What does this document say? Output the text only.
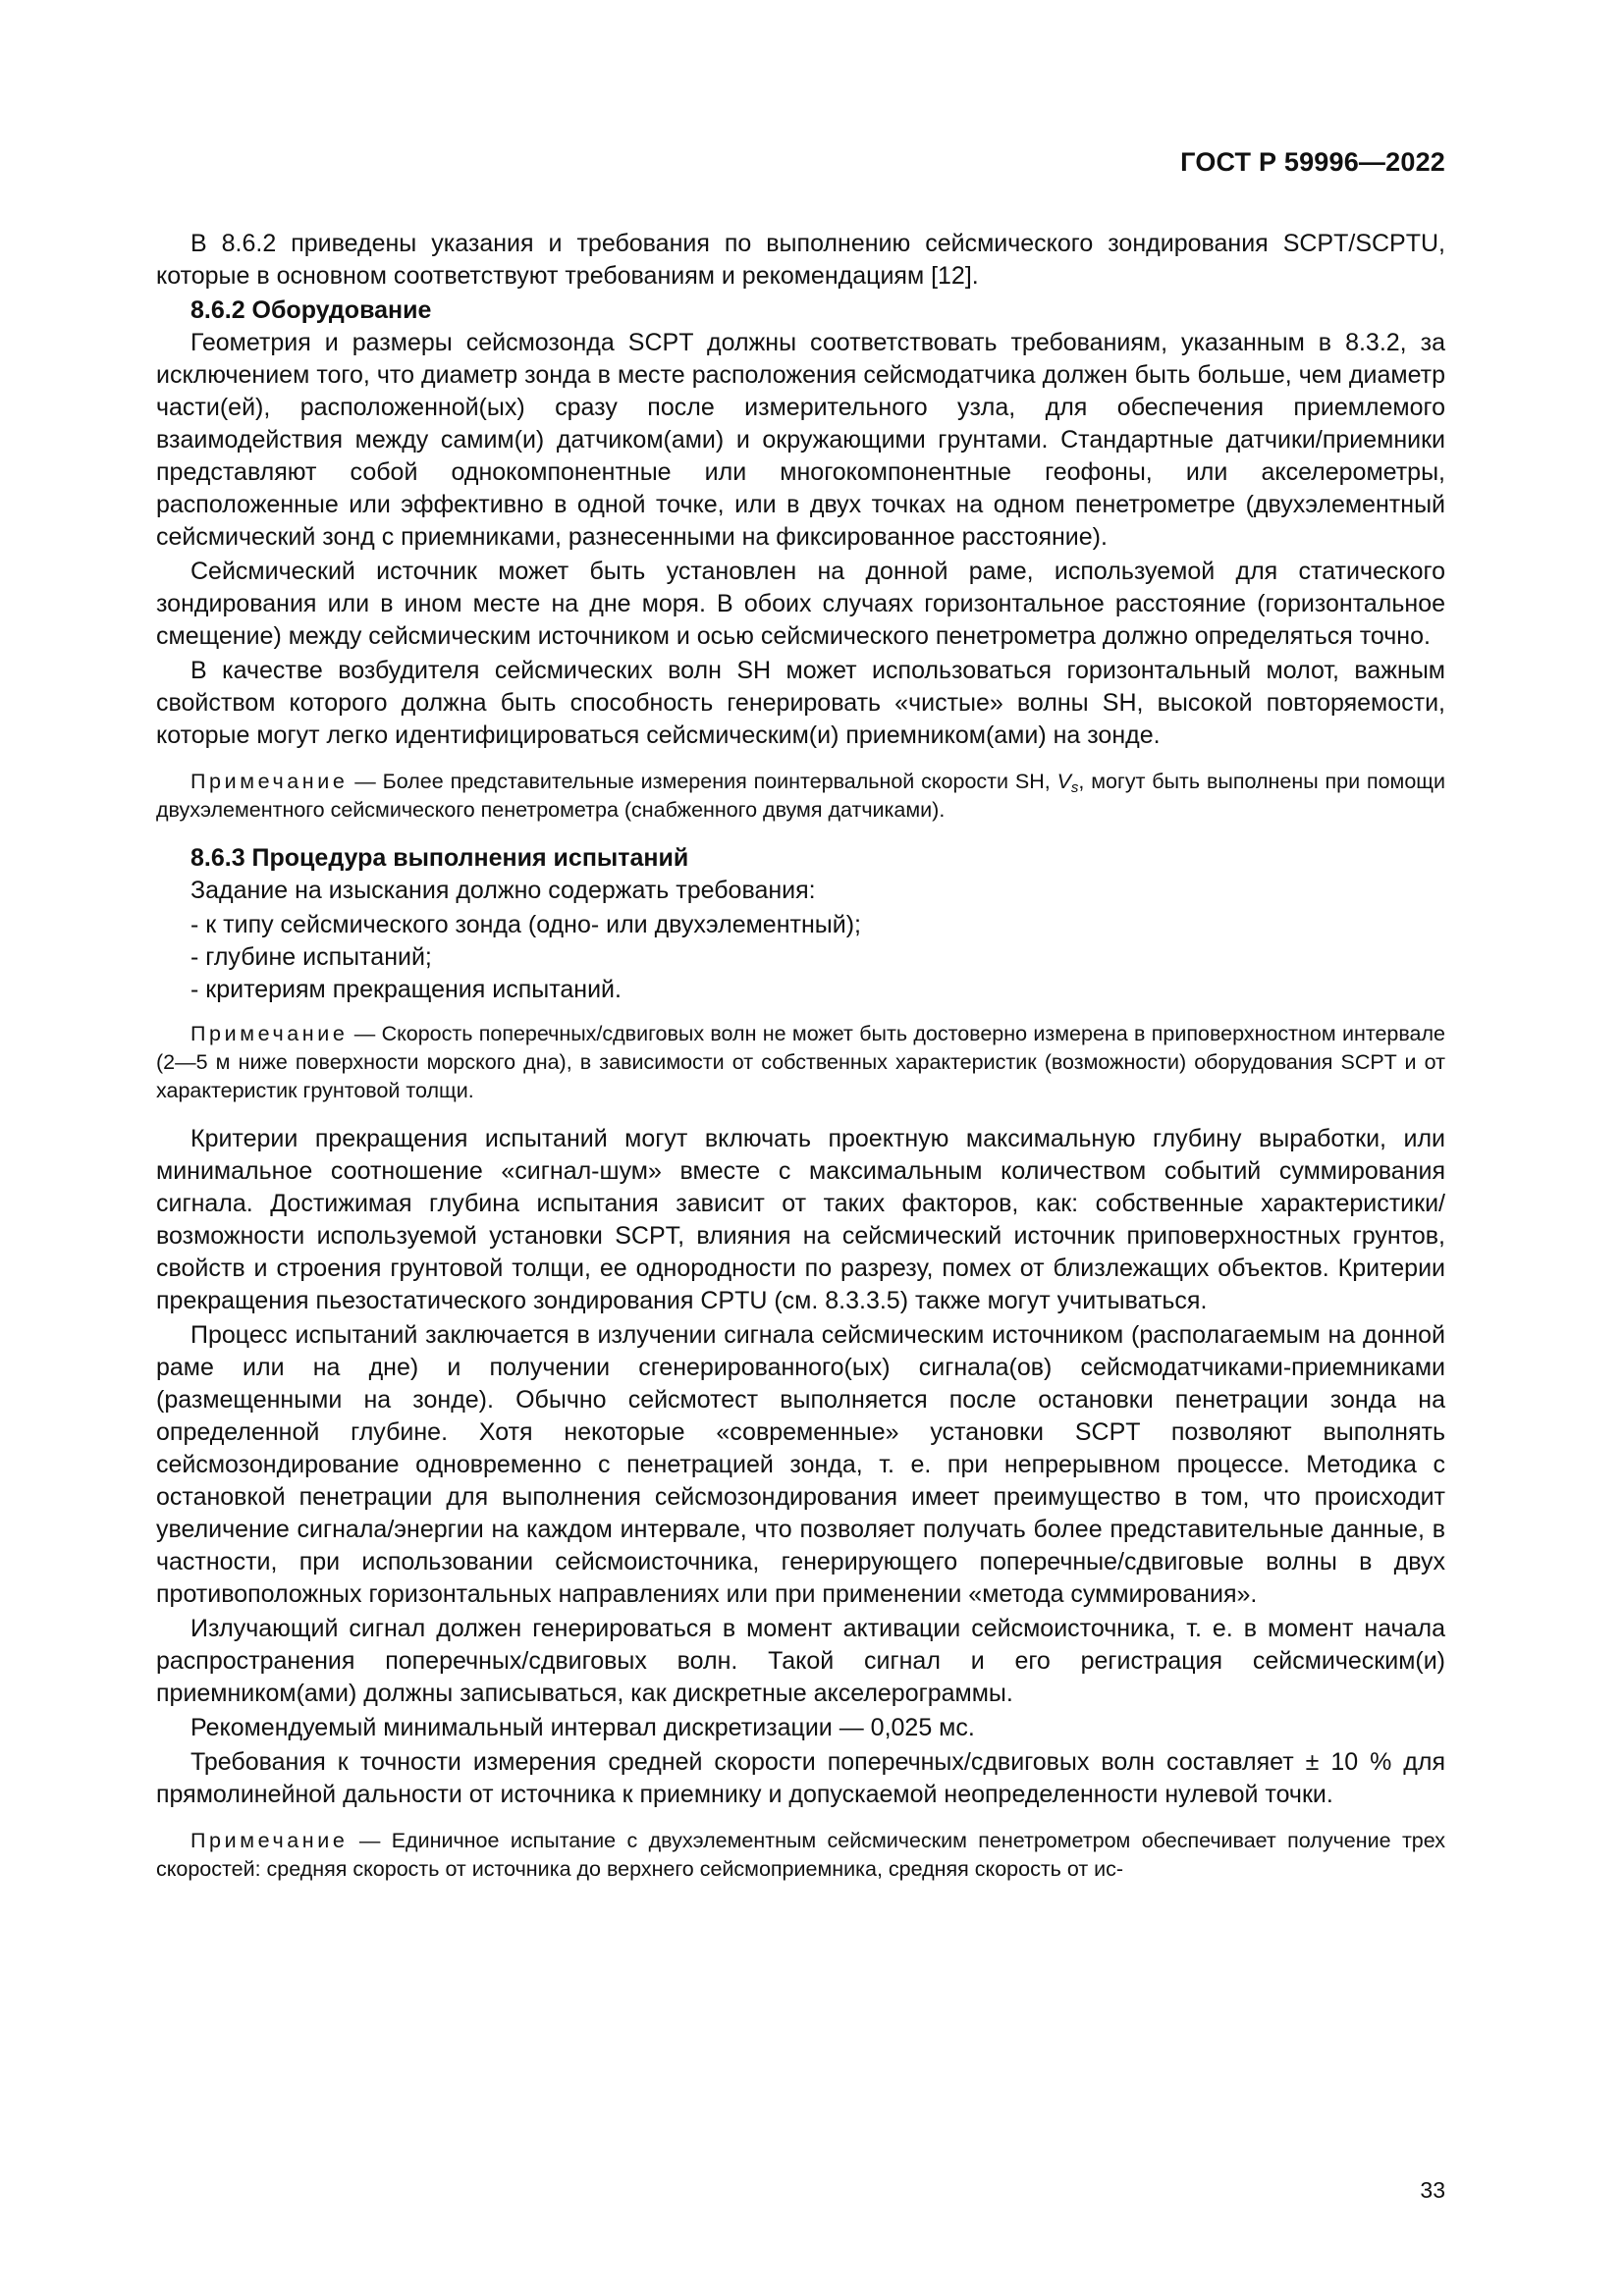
ГОСТ Р 59996—2022

В 8.6.2 приведены указания и требования по выполнению сейсмического зондирования SCPT/SCPTU, которые в основном соответствуют требованиям и рекомендациям [12].

8.6.2 Оборудование

Геометрия и размеры сейсмозонда SCPT должны соответствовать требованиям, указанным в 8.3.2, за исключением того, что диаметр зонда в месте расположения сейсмодатчика должен быть больше, чем диаметр части(ей), расположенной(ых) сразу после измерительного узла, для обеспечения приемлемого взаимодействия между самим(и) датчиком(ами) и окружающими грунтами. Стандартные датчики/приемники представляют собой однокомпонентные или многокомпонентные геофоны, или акселерометры, расположенные или эффективно в одной точке, или в двух точках на одном пенетрометре (двухэлементный сейсмический зонд с приемниками, разнесенными на фиксированное расстояние).

Сейсмический источник может быть установлен на донной раме, используемой для статического зондирования или в ином месте на дне моря. В обоих случаях горизонтальное расстояние (горизонтальное смещение) между сейсмическим источником и осью сейсмического пенетрометра должно определяться точно.

В качестве возбудителя сейсмических волн SH может использоваться горизонтальный молот, важным свойством которого должна быть способность генерировать «чистые» волны SH, высокой повторяемости, которые могут легко идентифицироваться сейсмическим(и) приемником(ами) на зонде.

Примечание — Более представительные измерения поинтервальной скорости SH, $V_s$, могут быть выполнены при помощи двухэлементного сейсмического пенетрометра (снабженного двумя датчиками).

8.6.3 Процедура выполнения испытаний

Задание на изыскания должно содержать требования:

- к типу сейсмического зонда (одно- или двухэлементный);
- глубине испытаний;
- критериям прекращения испытаний.

Примечание — Скорость поперечных/сдвиговых волн не может быть достоверно измерена в приповерхностном интервале (2—5 м ниже поверхности морского дна), в зависимости от собственных характеристик (возможности) оборудования SCPT и от характеристик грунтовой толщи.

Критерии прекращения испытаний могут включать проектную максимальную глубину выработки, или минимальное соотношение «сигнал-шум» вместе с максимальным количеством событий суммирования сигнала. Достижимая глубина испытания зависит от таких факторов, как: собственные характеристики/возможности используемой установки SCPT, влияния на сейсмический источник приповерхностных грунтов, свойств и строения грунтовой толщи, ее однородности по разрезу, помех от близлежащих объектов. Критерии прекращения пьезостатического зондирования CPTU (см. 8.3.3.5) также могут учитываться.

Процесс испытаний заключается в излучении сигнала сейсмическим источником (располагаемым на донной раме или на дне) и получении сгенерированного(ых) сигнала(ов) сейсмодатчиками-приемниками (размещенными на зонде). Обычно сейсмотест выполняется после остановки пенетрации зонда на определенной глубине. Хотя некоторые «современные» установки SCPT позволяют выполнять сейсмозондирование одновременно с пенетрацией зонда, т. е. при непрерывном процессе. Методика с остановкой пенетрации для выполнения сейсмозондирования имеет преимущество в том, что происходит увеличение сигнала/энергии на каждом интервале, что позволяет получать более представительные данные, в частности, при использовании сейсмоисточника, генерирующего поперечные/сдвиговые волны в двух противоположных горизонтальных направлениях или при применении «метода суммирования».

Излучающий сигнал должен генерироваться в момент активации сейсмоисточника, т. е. в момент начала распространения поперечных/сдвиговых волн. Такой сигнал и его регистрация сейсмическим(и) приемником(ами) должны записываться, как дискретные акселерограммы.

Рекомендуемый минимальный интервал дискретизации — 0,025 мс.

Требования к точности измерения средней скорости поперечных/сдвиговых волн составляет ± 10 % для прямолинейной дальности от источника к приемнику и допускаемой неопределенности нулевой точки.

Примечание — Единичное испытание с двухэлементным сейсмическим пенетрометром обеспечивает получение трех скоростей: средняя скорость от источника до верхнего сейсмоприемника, средняя скорость от ис-

33
